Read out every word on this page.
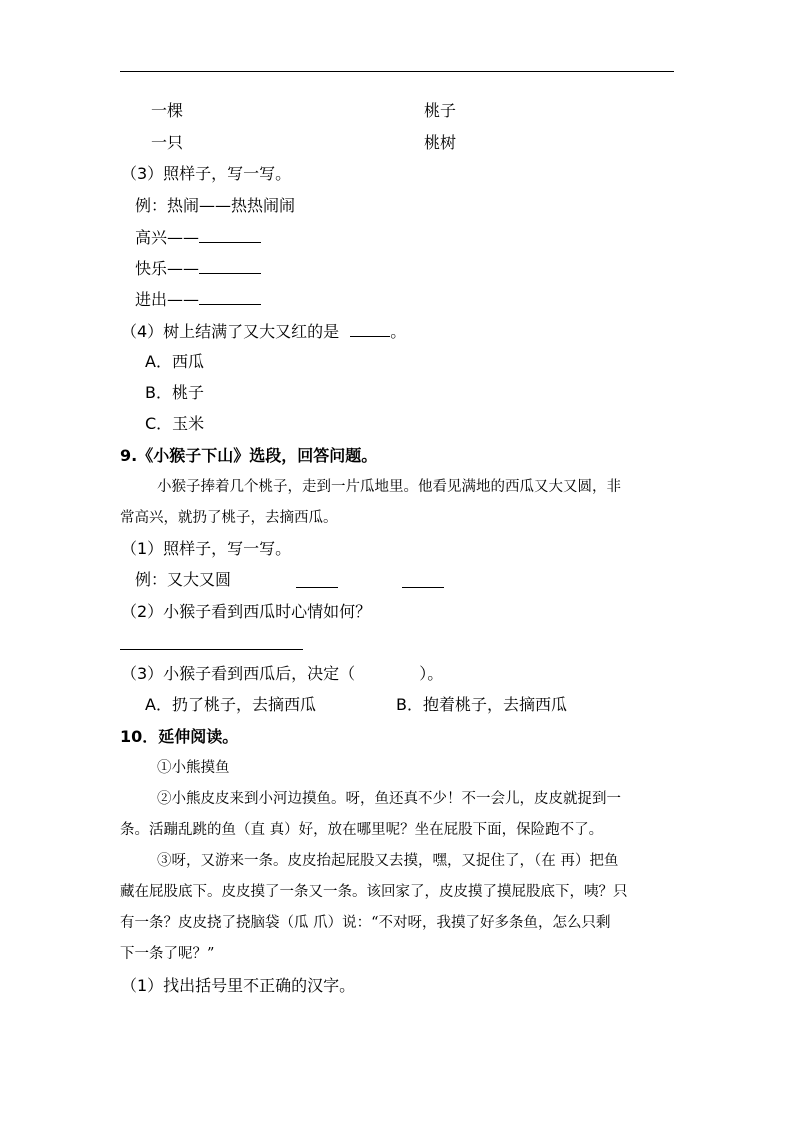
一棵	桃子
一只	桃树
（3）照样子，写一写。
例：热闹——热热闹闹
高兴——
快乐——
进出——
（4）树上结满了又大又红的是	。
A．西瓜
B．桃子
C．玉米
9.《小猴子下山》选段，回答问题。
小猴子捧着几个桃子，走到一片瓜地里。他看见满地的西瓜又大又圆，非
常高兴，就扔了桃子，去摘西瓜。
（1）照样子，写一写。
例：又大又圆
（2）小猴子看到西瓜时心情如何？
（3）小猴子看到西瓜后，决定（	）。
A．扔了桃子，去摘西瓜	B．抱着桃子，去摘西瓜
10．延伸阅读。
①小熊摸鱼
②小熊皮皮来到小河边摸鱼。呀，鱼还真不少！不一会儿，皮皮就捉到一
条。活蹦乱跳的鱼（直 真）好，放在哪里呢？坐在屁股下面，保险跑不了。
③呀，又游来一条。皮皮抬起屁股又去摸，嘿，又捉住了，（在 再）把鱼
藏在屁股底下。皮皮摸了一条又一条。该回家了，皮皮摸了摸屁股底下，咦？只
有一条？皮皮挠了挠脑袋（瓜 爪）说：“不对呀，我摸了好多条鱼，怎么只剩
下一条了呢？”
（1）找出括号里不正确的汉字。
